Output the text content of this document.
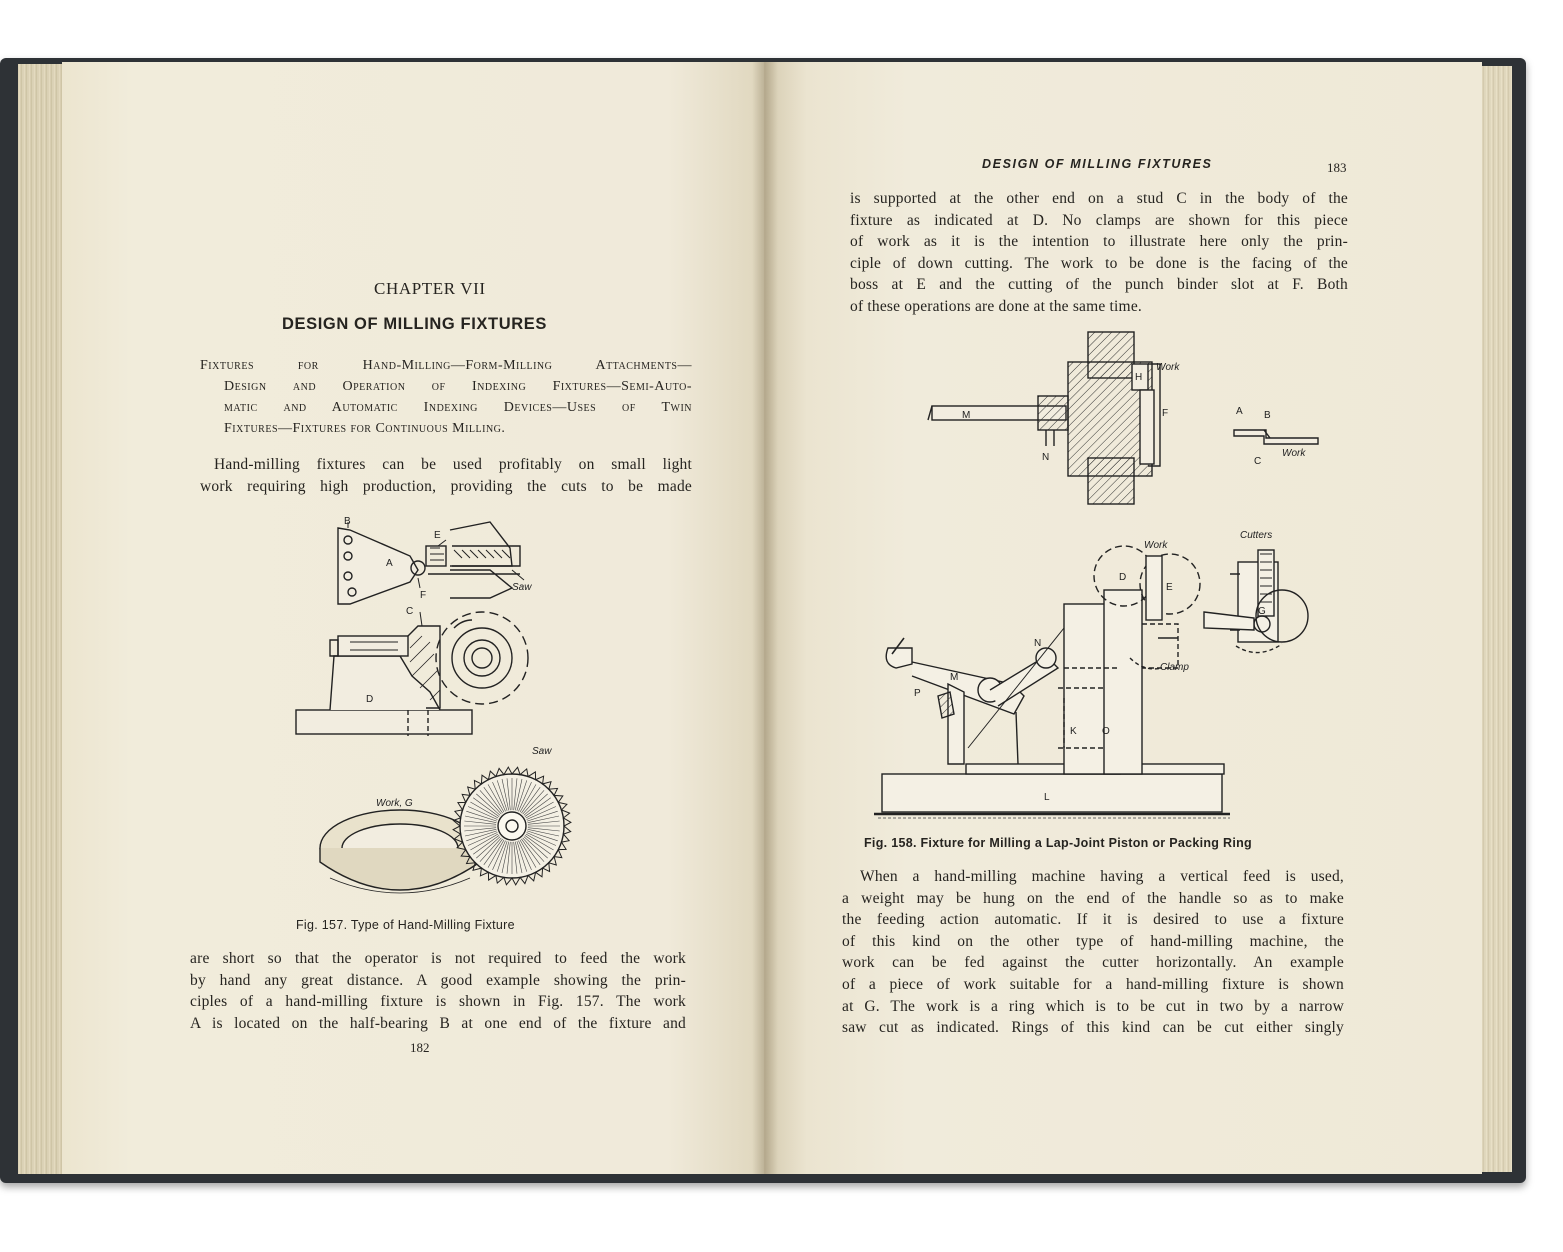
CHAPTER VII
DESIGN OF MILLING FIXTURES
Fixtures for Hand-Milling—Form-Milling Attachments—
Design and Operation of Indexing Fixtures—Semi-Auto-
matic and Automatic Indexing Devices—Uses of Twin
Fixtures—Fixtures for Continuous Milling.
Hand-milling fixtures can be used profitably on small light
work requiring high production, providing the cuts to be made
B
E
A
F
Saw
C
D
Saw
Work, G
Fig. 157. Type of Hand-Milling Fixture
are short so that the operator is not required to feed the work
by hand any great distance. A good example showing the prin-
ciples of a hand-milling fixture is shown in Fig. 157. The work
A is located on the half-bearing B at one end of the fixture and
182
DESIGN OF MILLING FIXTURES	183
is supported at the other end on a stud C in the body of the
fixture as indicated at D. No clamps are shown for this piece
of work as it is the intention to illustrate here only the prin-
ciple of down cutting. The work to be done is the facing of the
boss at E and the cutting of the punch binder slot at F. Both
of these operations are done at the same time.
Work
H
F
M
N
A B
C
Work
Work
Cutters
D
E
G
N
M
P
Clamp
K	O
L
Fig. 158. Fixture for Milling a Lap-Joint Piston or Packing Ring
When a hand-milling machine having a vertical feed is used,
a weight may be hung on the end of the handle so as to make
the feeding action automatic. If it is desired to use a fixture
of this kind on the other type of hand-milling machine, the
work can be fed against the cutter horizontally. An example
of a piece of work suitable for a hand-milling fixture is shown
at G. The work is a ring which is to be cut in two by a narrow
saw cut as indicated. Rings of this kind can be cut either singly
